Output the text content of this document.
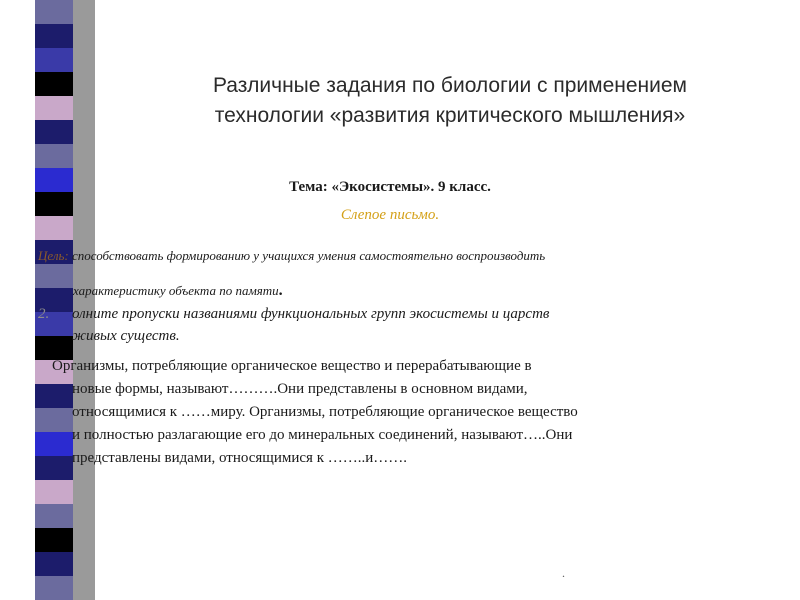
Различные задания по биологии с применением
технологии «развития критического мышления»
Тема: «Экосистемы». 9 класс.
Слепое письмо.
Цель: способствовать формированию у учащихся умения самостоятельно воспроизводить
характеристику объекта по памяти.
2. олните пропуски названиями функциональных групп экосистемы и царств
живых существ.
Организмы, потребляющие органическое вещество и перерабатывающие в
новые формы, называют……….Они представлены в основном видами,
относящимися к ……миру. Организмы, потребляющие органическое вещество
и полностью разлагающие его до минеральных соединений, называют…..Они
представлены видами, относящимися к ……..и…….
.
